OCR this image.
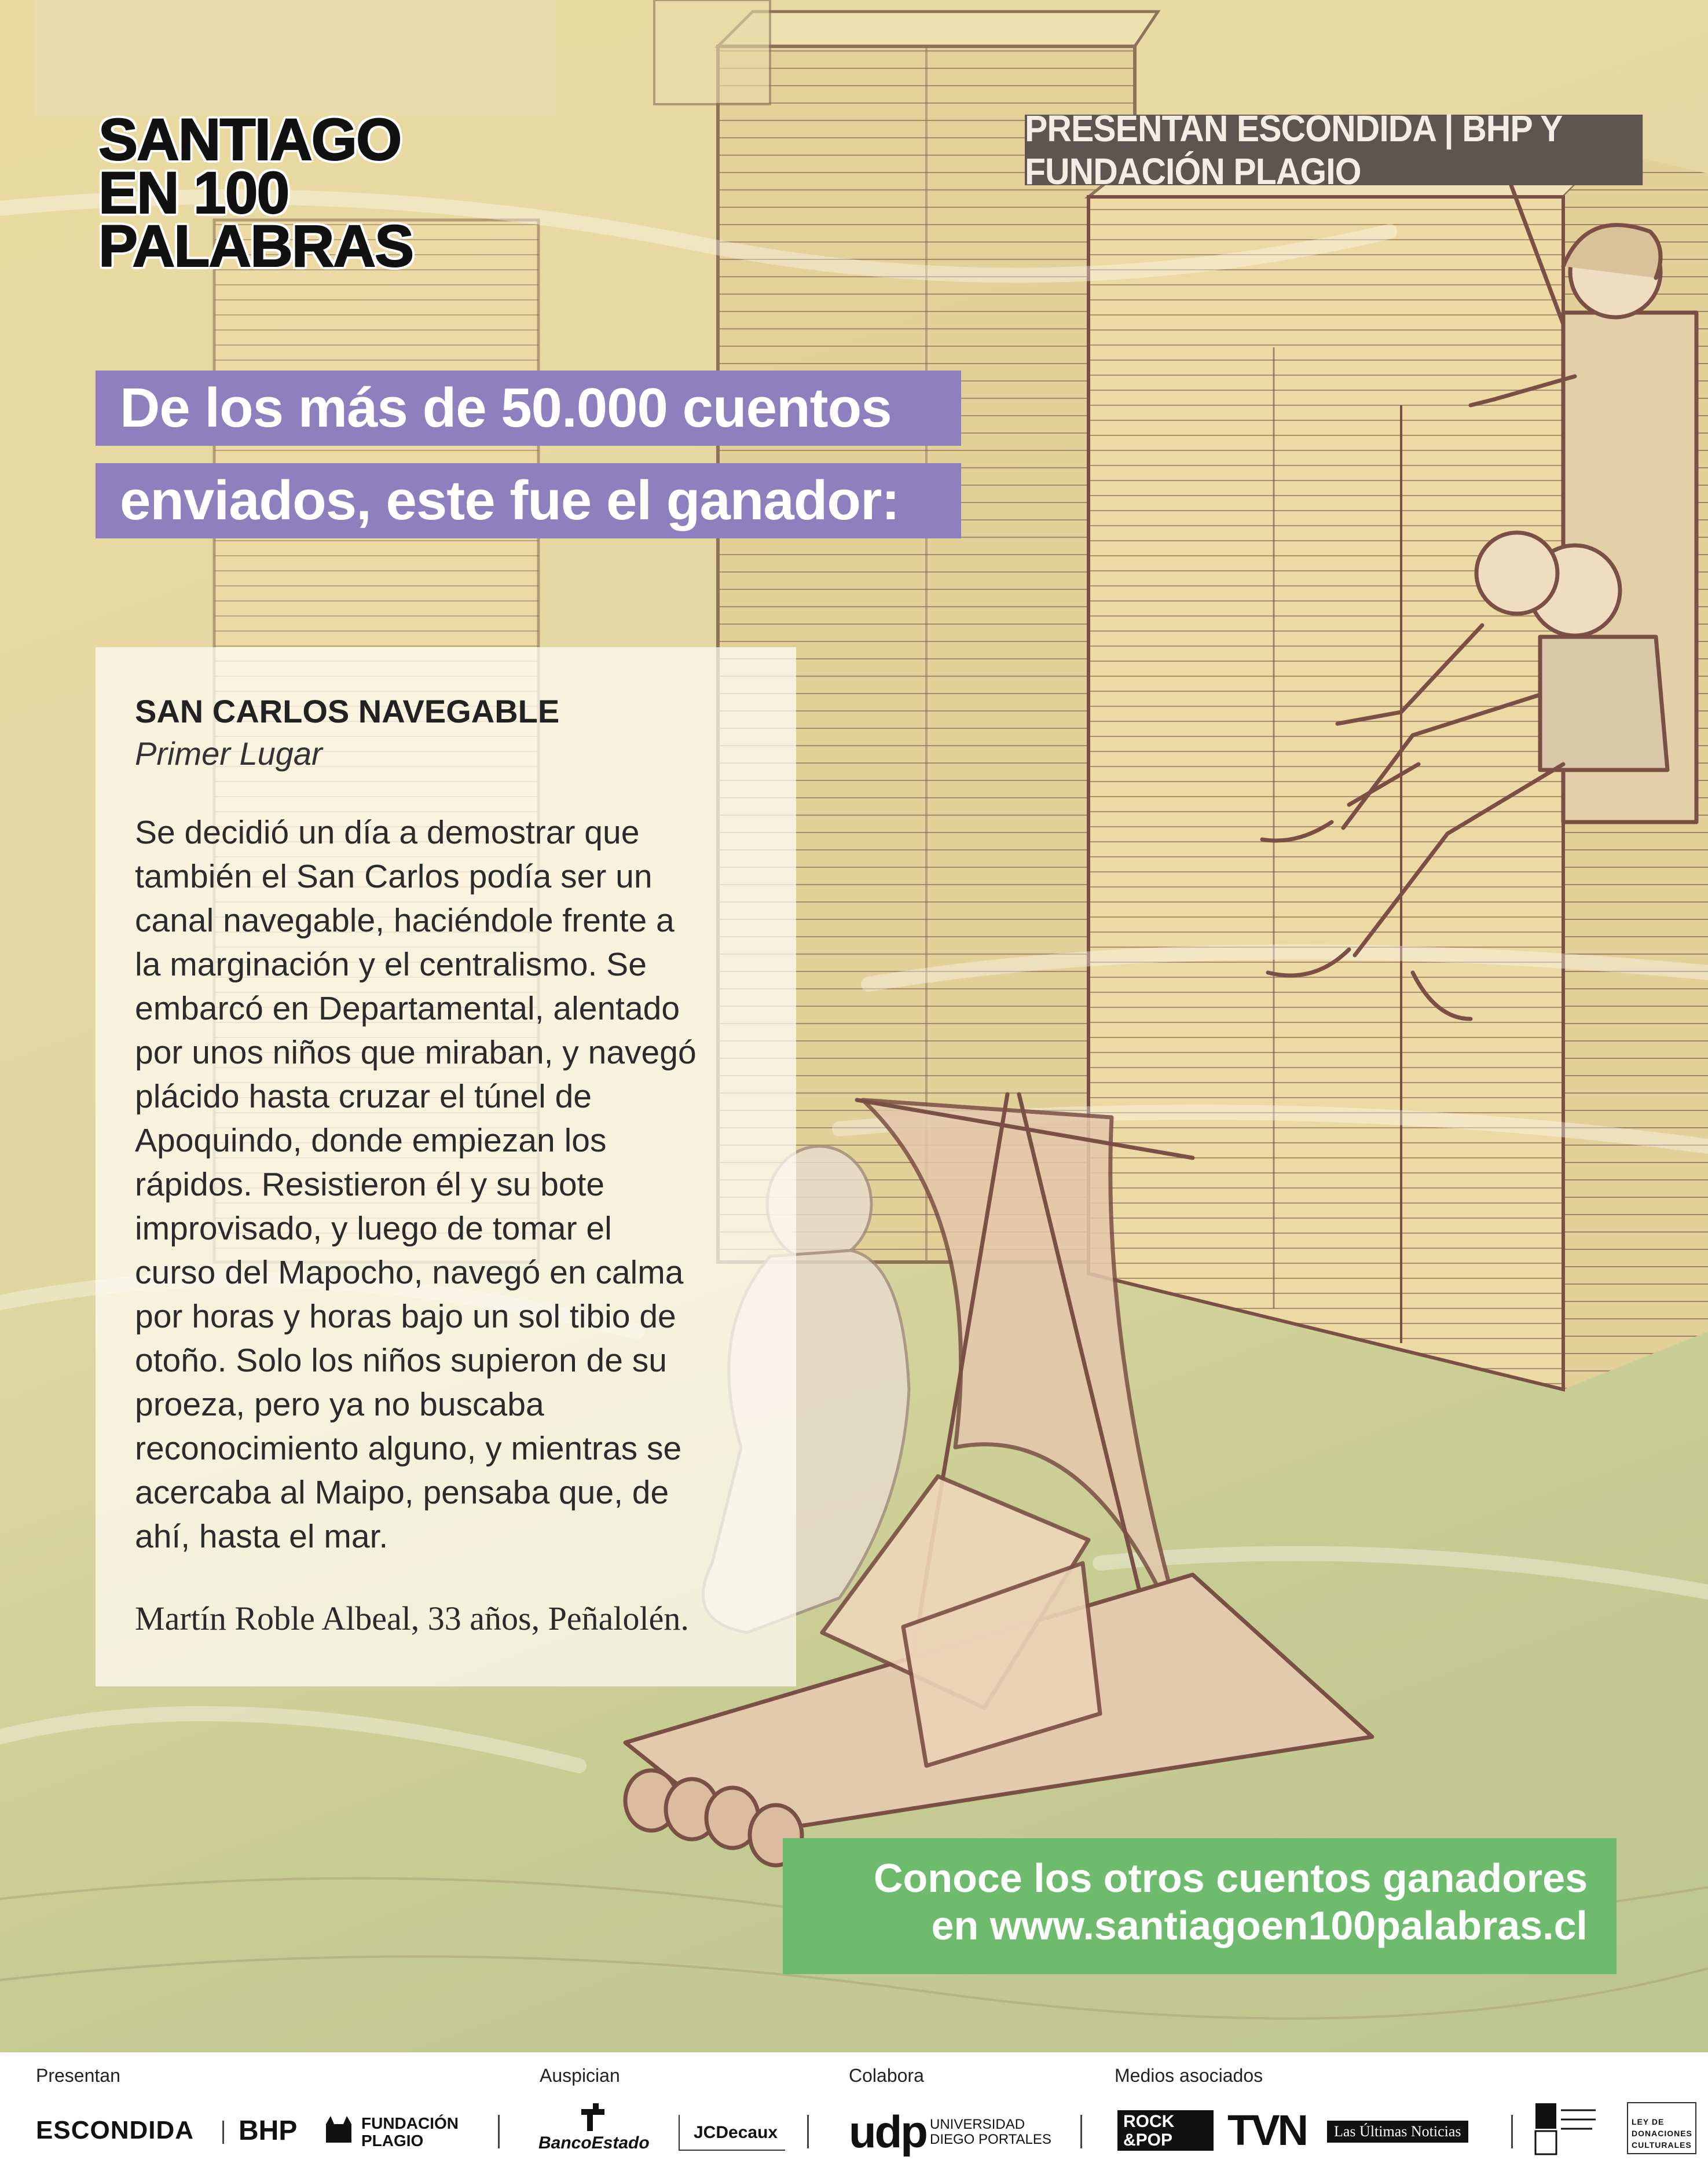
SANTIAGO
EN 100
PALABRAS
PRESENTAN ESCONDIDA | BHP Y FUNDACIÓN PLAGIO
De los más de 50.000 cuentos
enviados, este fue el ganador:
SAN CARLOS NAVEGABLE
Primer Lugar
Se decidió un día a demostrar que
también el San Carlos podía ser un
canal navegable, haciéndole frente a
la marginación y el centralismo. Se
embarcó en Departamental, alentado
por unos niños que miraban, y navegó
plácido hasta cruzar el túnel de
Apoquindo, donde empiezan los
rápidos. Resistieron él y su bote
improvisado, y luego de tomar el
curso del Mapocho, navegó en calma
por horas y horas bajo un sol tibio de
otoño. Solo los niños supieron de su
proeza, pero ya no buscaba
reconocimiento alguno, y mientras se
acercaba al Maipo, pensaba que, de
ahí, hasta el mar.
Martín Roble Albeal, 33 años, Peñalolén.
Conoce los otros cuentos ganadores
en www.santiagoen100palabras.cl
Presentan	Auspician	Colabora	Medios asociados
ESCONDIDA BHP	FUNDACIÓN
PLAGIO	BancoEstado
JCDecaux udp UNIVERSIDAD
DIEGO PORTALES
ROCK
&POP	TVN	Las Últimas Noticias
LEY DE
DONACIONES
CULTURALES
